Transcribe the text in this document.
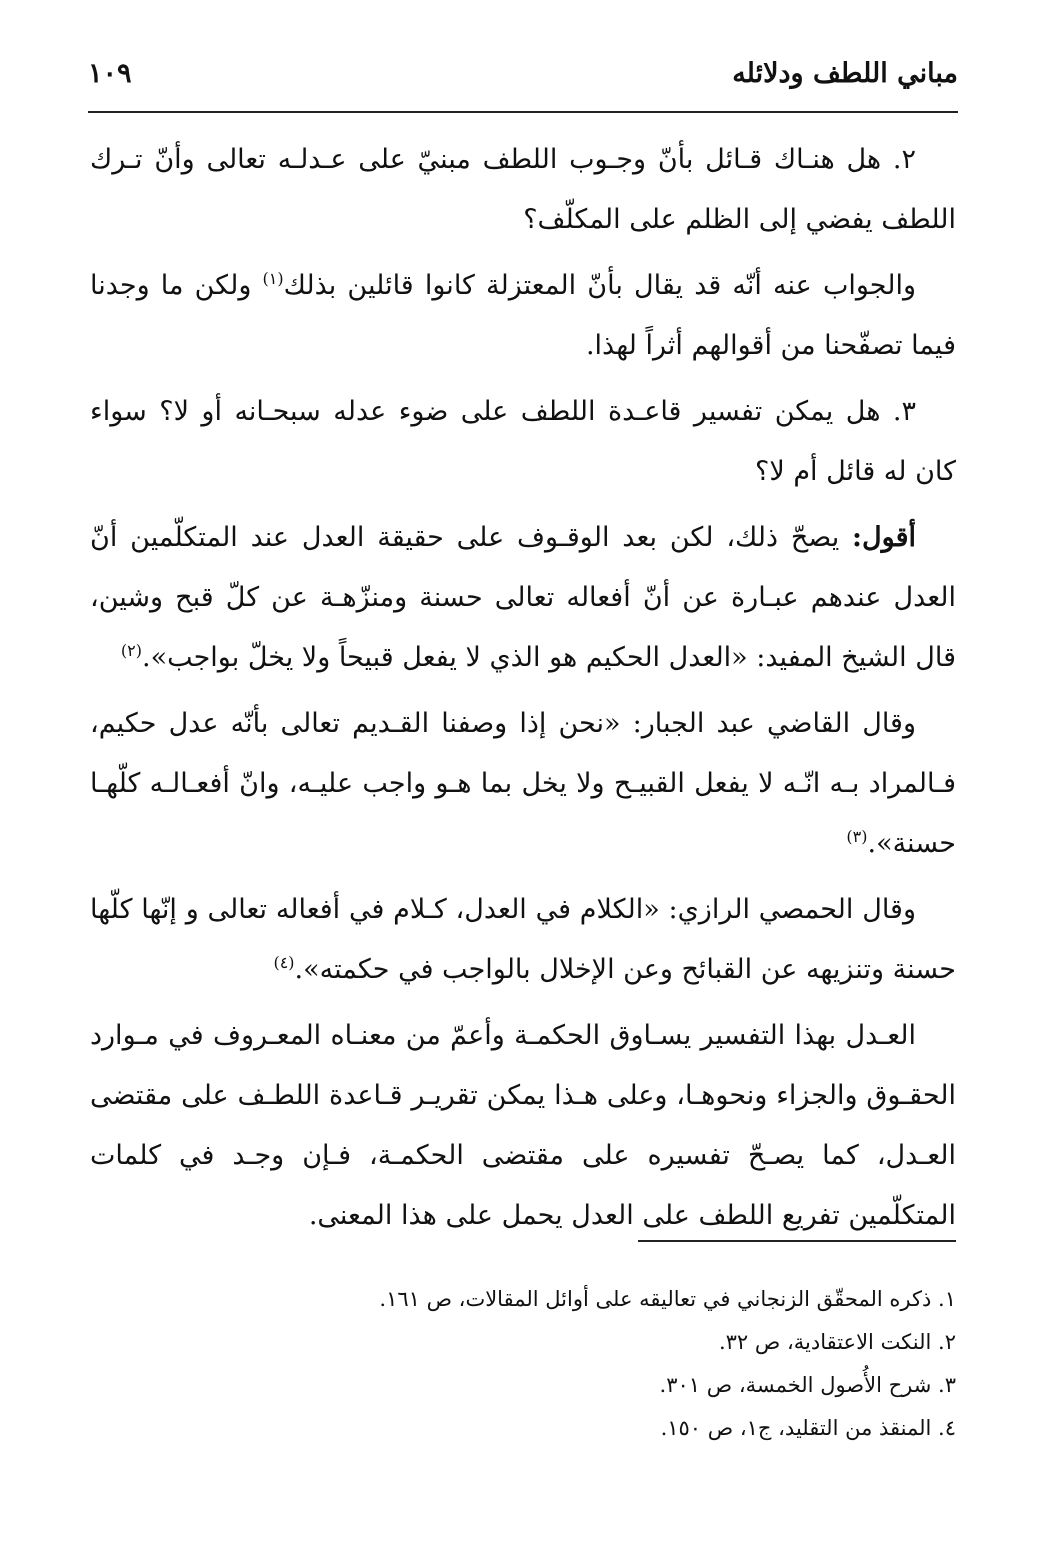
مباني اللطف ودلائله
١٠٩

٢. هل هنـاك قـائل بأنّ وجـوب اللطف مبنيّ على عـدلـه تعالى وأنّ تـرك اللطف يفضي إلى الظلم على المكلّف؟

والجواب عنه أنّه قد يقال بأنّ المعتزلة كانوا قائلين بذلك$^{(١)}$ ولكن ما وجدنا فيما تصفّحنا من أقوالهم أثراً لهذا.

٣. هل يمكن تفسير قاعـدة اللطف على ضوء عدله سبحـانه أو لا؟ سواء كان له قائل أم لا؟

أقول: يصحّ ذلك، لكن بعد الوقـوف على حقيقة العدل عند المتكلّمين أنّ العدل عندهم عبـارة عن أنّ أفعاله تعالى حسنة ومنزّهـة عن كلّ قبح وشين، قال الشيخ المفيد: «العدل الحكيم هو الذي لا يفعل قبيحاً ولا يخلّ بواجب».$^{(٢)}$

وقال القاضي عبد الجبار: «نحن إذا وصفنا القـديم تعالى بأنّه عدل حكيم، فـالمراد بـه انّـه لا يفعل القبيـح ولا يخل بما هـو واجب عليـه، وانّ أفعـالـه كلّهـا حسنة».$^{(٣)}$

وقال الحمصي الرازي: «الكلام في العدل، كـلام في أفعاله تعالى و إنّها كلّها حسنة وتنزيهه عن القبائح وعن الإخلال بالواجب في حكمته».$^{(٤)}$

العـدل بهذا التفسير يسـاوق الحكمـة وأعمّ من معنـاه المعـروف في مـوارد الحقـوق والجزاء ونحوهـا، وعلى هـذا يمكن تقريـر قـاعدة اللطـف على مقتضى العـدل، كما يصـحّ تفسيره على مقتضى الحكمـة، فـإن وجـد في كلمات المتكلّمين تفريع اللطف على العدل يحمل على هذا المعنى.

١. ذكره المحقّق الزنجاني في تعاليقه على أوائل المقالات، ص ١٦١.
٢. النكت الاعتقادية، ص ٣٢.
٣. شرح الأُصول الخمسة، ص ٣٠١.
٤. المنقذ من التقليد، ج١، ص ١٥٠.
